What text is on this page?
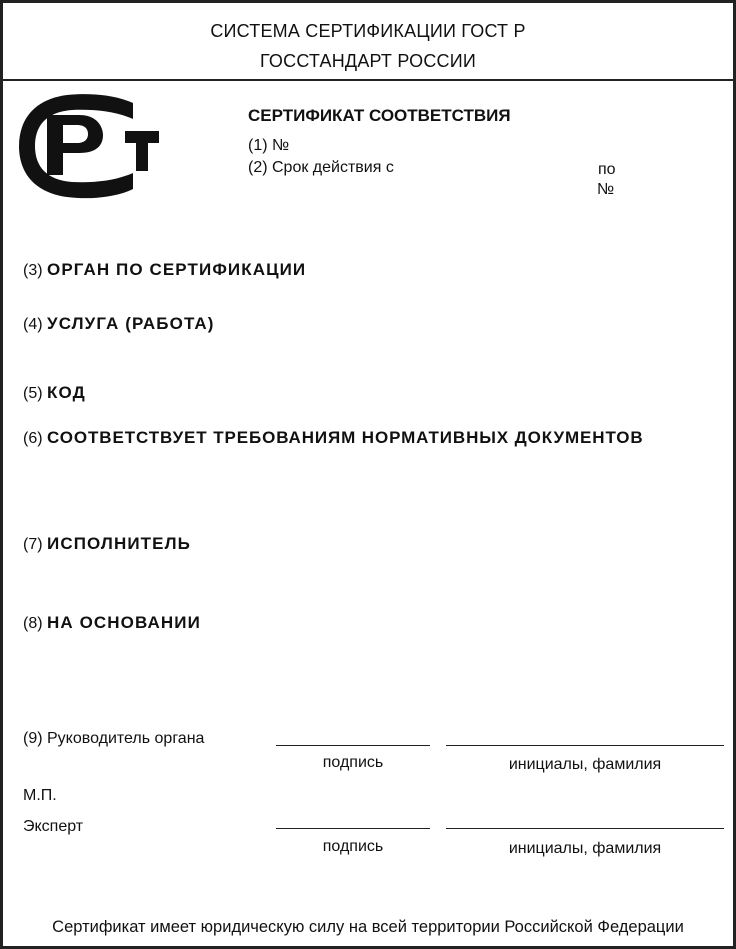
СИСТЕМА СЕРТИФИКАЦИИ ГОСТ Р
ГОССТАНДАРТ РОССИИ
СЕРТИФИКАТ СООТВЕТСТВИЯ
(1) №
(2) Срок действия с	по
№
(3) ОРГАН ПО СЕРТИФИКАЦИИ
(4) УСЛУГА (РАБОТА)
(5) КОД
(6) СООТВЕТСТВУЕТ ТРЕБОВАНИЯМ НОРМАТИВНЫХ ДОКУМЕНТОВ
(7) ИСПОЛНИТЕЛЬ
(8) НА ОСНОВАНИИ
(9) Руководитель органа
подпись	инициалы, фамилия
М.П.
Эксперт
подпись	инициалы, фамилия
Сертификат имеет юридическую силу на всей территории Российской Федерации
